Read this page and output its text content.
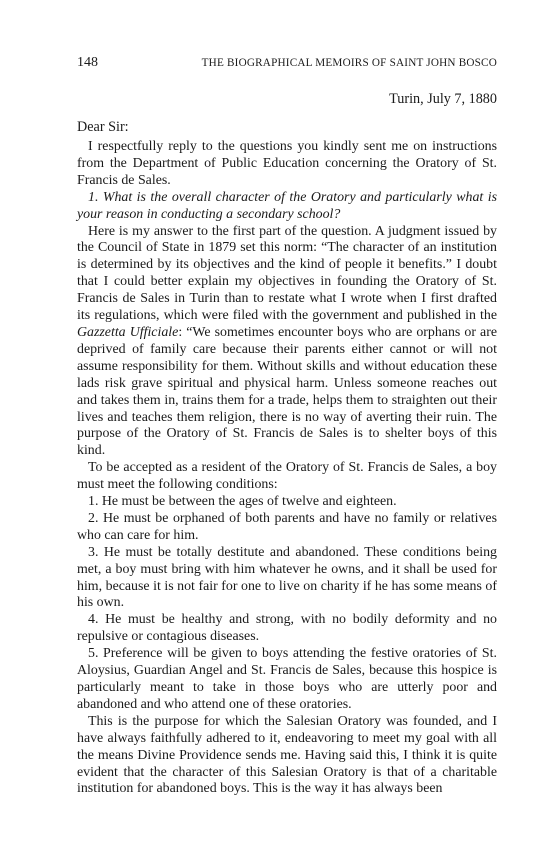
148	THE BIOGRAPHICAL MEMOIRS OF SAINT JOHN BOSCO
Turin, July 7, 1880
Dear Sir:

I respectfully reply to the questions you kindly sent me on instructions from the Department of Public Education concerning the Oratory of St. Francis de Sales.

1. What is the overall character of the Oratory and particularly what is your reason in conducting a secondary school?

Here is my answer to the first part of the question. A judgment issued by the Council of State in 1879 set this norm: “The character of an institution is determined by its objectives and the kind of people it benefits.” I doubt that I could better explain my objectives in founding the Oratory of St. Francis de Sales in Turin than to restate what I wrote when I first drafted its regulations, which were filed with the government and published in the Gazzetta Ufficiale: “We sometimes encounter boys who are orphans or are deprived of family care because their parents either cannot or will not assume responsibility for them. Without skills and without education these lads risk grave spiritual and physical harm. Unless someone reaches out and takes them in, trains them for a trade, helps them to straighten out their lives and teaches them religion, there is no way of averting their ruin. The purpose of the Oratory of St. Francis de Sales is to shelter boys of this kind.

To be accepted as a resident of the Oratory of St. Francis de Sales, a boy must meet the following conditions:

1. He must be between the ages of twelve and eighteen.

2. He must be orphaned of both parents and have no family or relatives who can care for him.

3. He must be totally destitute and abandoned. These conditions being met, a boy must bring with him whatever he owns, and it shall be used for him, because it is not fair for one to live on charity if he has some means of his own.

4. He must be healthy and strong, with no bodily deformity and no repulsive or contagious diseases.

5. Preference will be given to boys attending the festive oratories of St. Aloysius, Guardian Angel and St. Francis de Sales, because this hospice is particularly meant to take in those boys who are utterly poor and abandoned and who attend one of these oratories.

This is the purpose for which the Salesian Oratory was founded, and I have always faithfully adhered to it, endeavoring to meet my goal with all the means Divine Providence sends me. Having said this, I think it is quite evident that the character of this Salesian Oratory is that of a charitable institution for abandoned boys. This is the way it has always been
